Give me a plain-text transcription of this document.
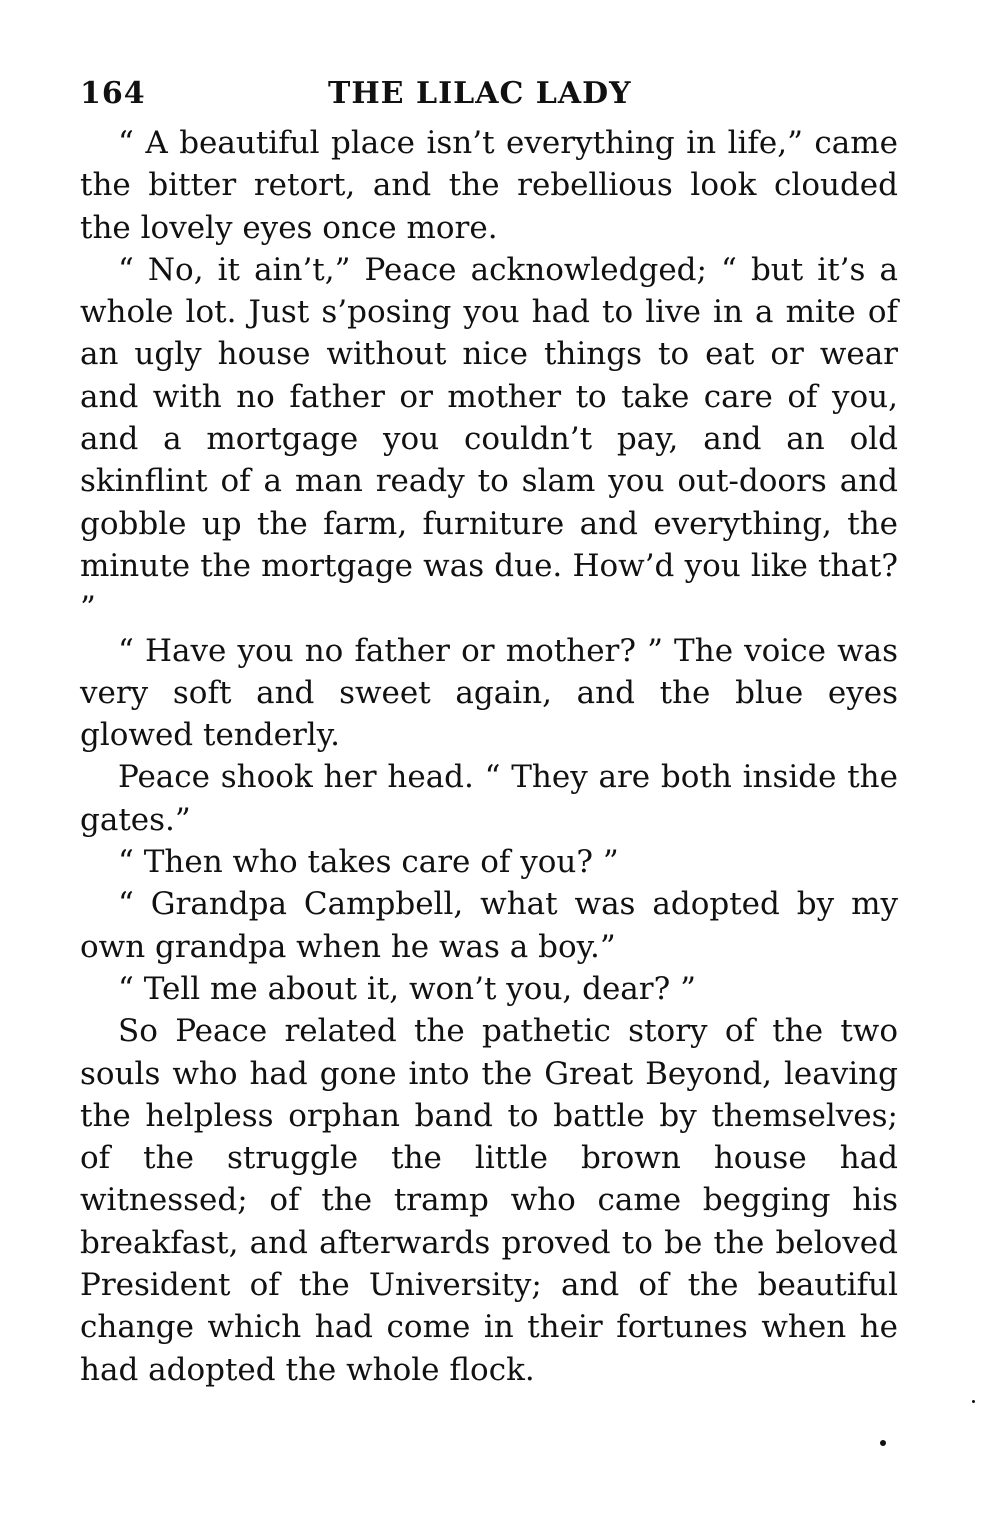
164	THE LILAC LADY

“ A beautiful place isn’t everything in life,” came the bitter retort, and the rebellious look clouded the lovely eyes once more.

“ No, it ain’t,” Peace acknowledged; “ but it’s a whole lot. Just s’posing you had to live in a mite of an ugly house without nice things to eat or wear and with no father or mother to take care of you, and a mortgage you couldn’t pay, and an old skinflint of a man ready to slam you out-doors and gobble up the farm, furniture and everything, the minute the mortgage was due. How’d you like that? ”

“ Have you no father or mother? ” The voice was very soft and sweet again, and the blue eyes glowed tenderly.

Peace shook her head. “ They are both inside the gates.”

“ Then who takes care of you? ”

“ Grandpa Campbell, what was adopted by my own grandpa when he was a boy.”

“ Tell me about it, won’t you, dear? ”

So Peace related the pathetic story of the two souls who had gone into the Great Beyond, leaving the helpless orphan band to battle by themselves; of the struggle the little brown house had witnessed; of the tramp who came begging his breakfast, and afterwards proved to be the beloved President of the University; and of the beautiful change which had come in their fortunes when he had adopted the whole flock.
